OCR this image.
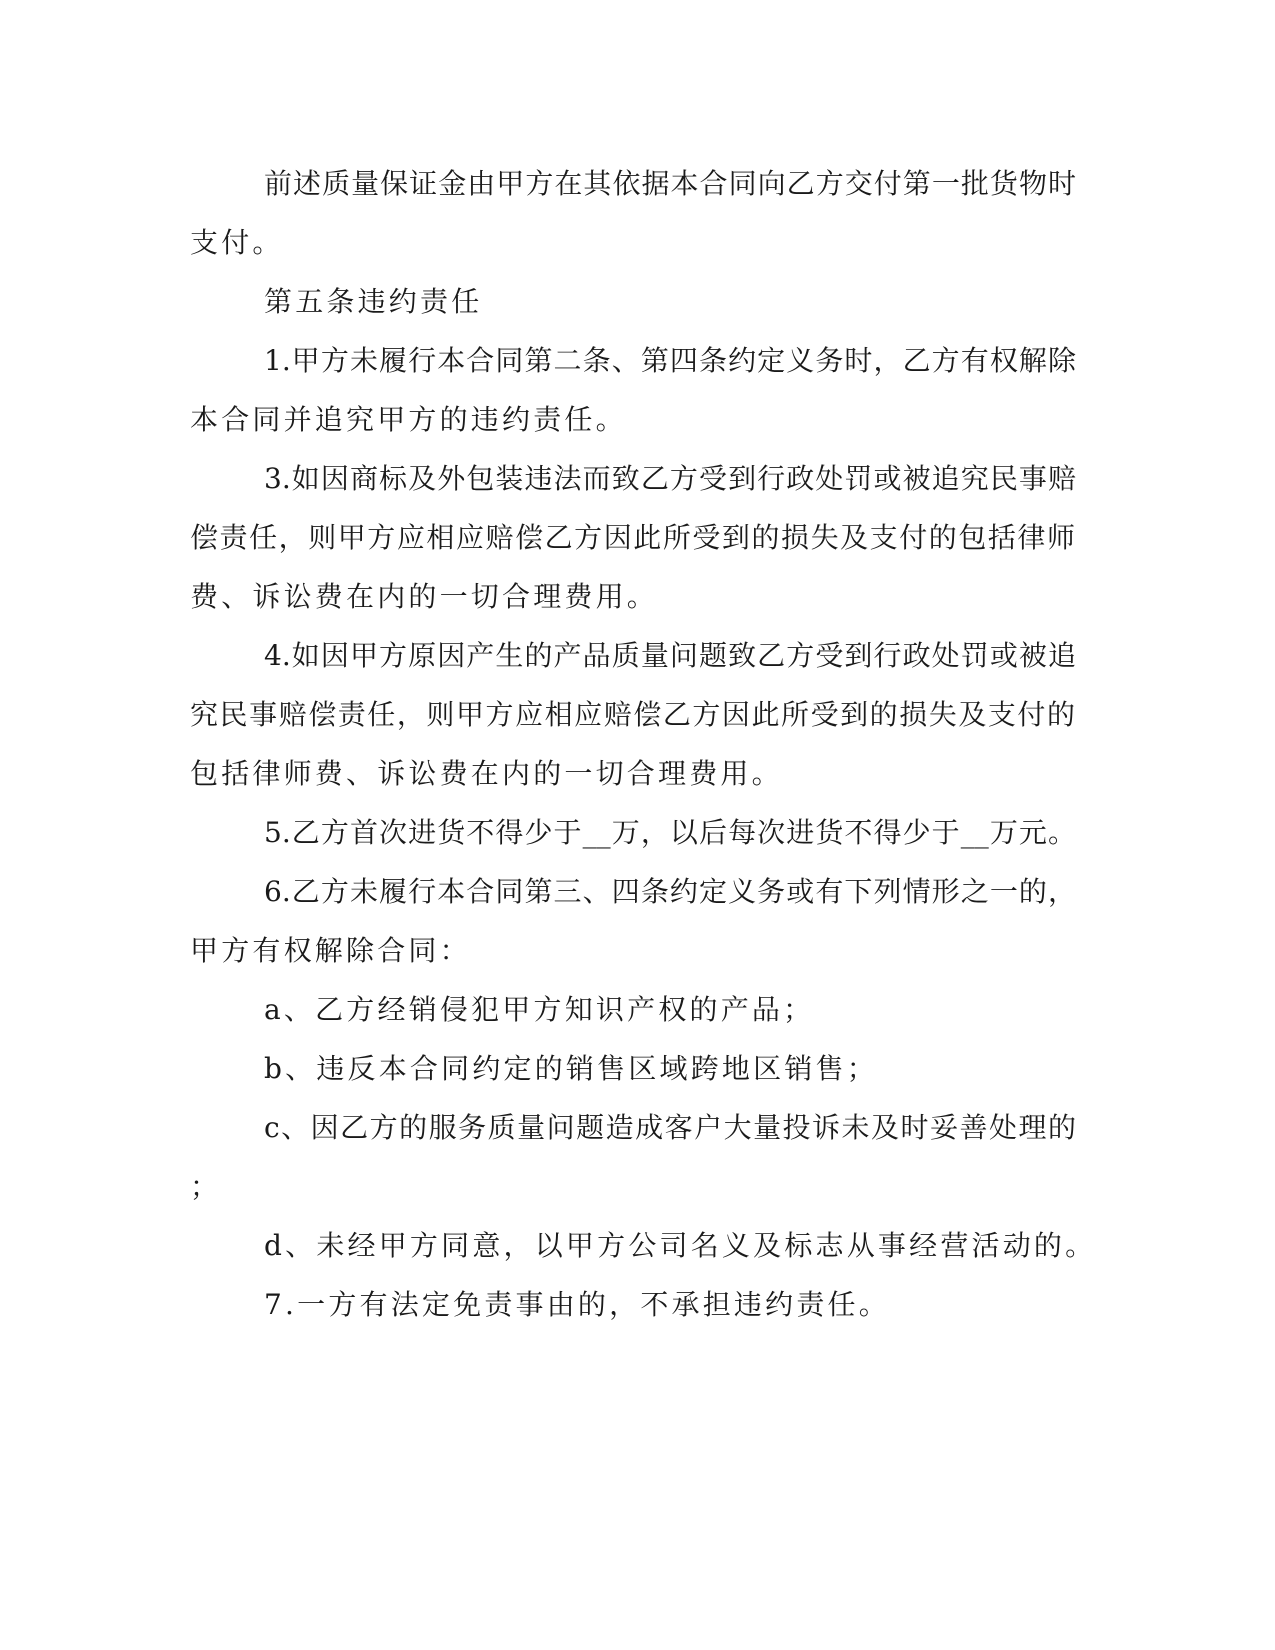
前述质量保证金由甲方在其依据本合同向乙方交付第一批货物时
支付。
第五条违约责任
1.甲方未履行本合同第二条、第四条约定义务时，乙方有权解除
本合同并追究甲方的违约责任。
3.如因商标及外包装违法而致乙方受到行政处罚或被追究民事赔
偿责任，则甲方应相应赔偿乙方因此所受到的损失及支付的包括律师
费、诉讼费在内的一切合理费用。
4.如因甲方原因产生的产品质量问题致乙方受到行政处罚或被追
究民事赔偿责任，则甲方应相应赔偿乙方因此所受到的损失及支付的
包括律师费、诉讼费在内的一切合理费用。
5.乙方首次进货不得少于__万，以后每次进货不得少于__万元。
6.乙方未履行本合同第三、四条约定义务或有下列情形之一的，
甲方有权解除合同：
a、乙方经销侵犯甲方知识产权的产品；
b、违反本合同约定的销售区域跨地区销售；
c、因乙方的服务质量问题造成客户大量投诉未及时妥善处理的
；
d、未经甲方同意，以甲方公司名义及标志从事经营活动的。
7.一方有法定免责事由的，不承担违约责任。
